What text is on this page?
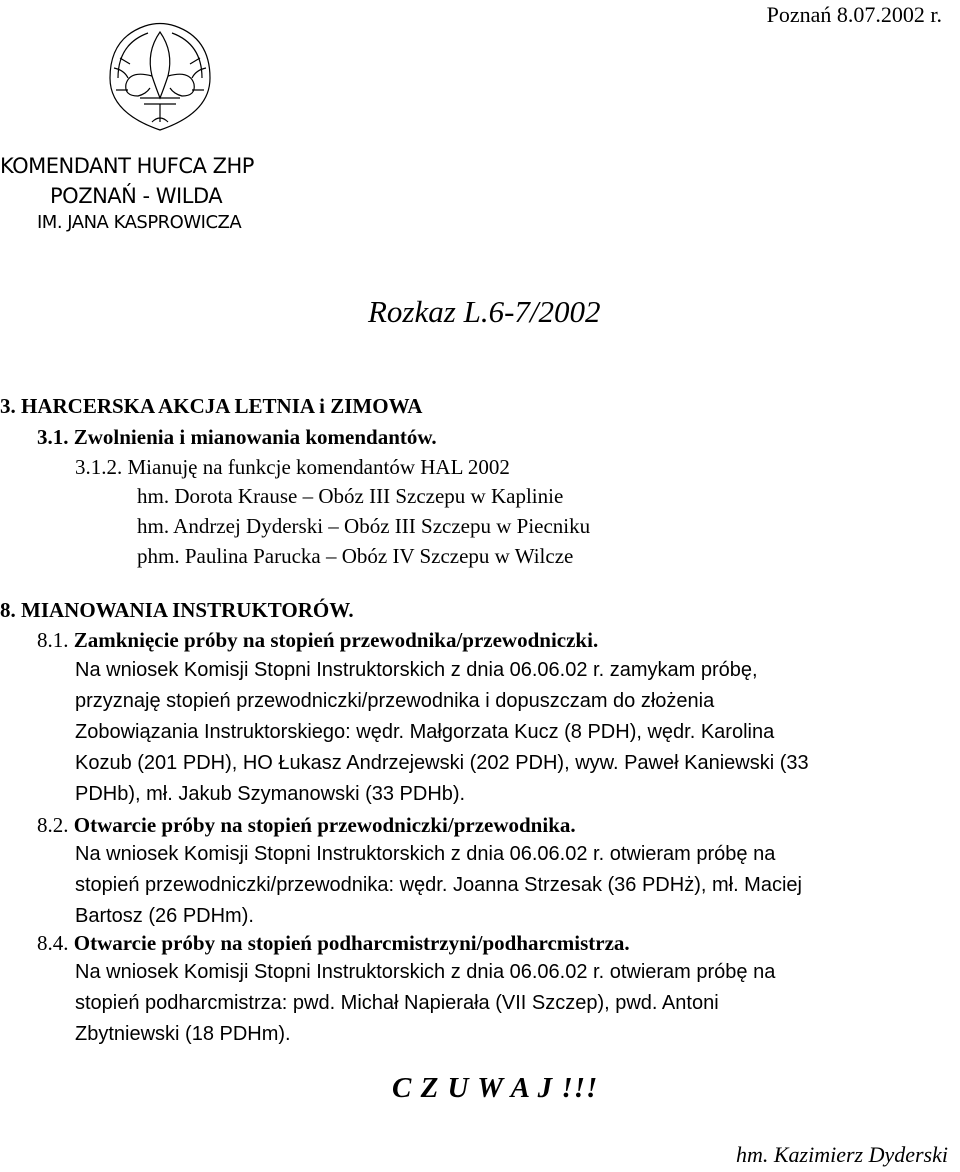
Poznań 8.07.2002 r.
KOMENDANT HUFCA ZHP
POZNAŃ - WILDA
IM. JANA KASPROWICZA
Rozkaz L.6-7/2002
3. HARCERSKA AKCJA LETNIA i ZIMOWA
3.1. Zwolnienia i mianowania komendantów.
3.1.2. Mianuję na funkcje komendantów HAL 2002
hm. Dorota Krause – Obóz III Szczepu w Kaplinie
hm. Andrzej Dyderski – Obóz III Szczepu w Piecniku
phm. Paulina Parucka – Obóz IV Szczepu w Wilcze
8. MIANOWANIA INSTRUKTORÓW.
8.1. Zamknięcie próby na stopień przewodnika/przewodniczki.
Na wniosek Komisji Stopni Instruktorskich z dnia 06.06.02 r. zamykam próbę,
przyznaję stopień przewodniczki/przewodnika i dopuszczam do złożenia
Zobowiązania Instruktorskiego: wędr. Małgorzata Kucz (8 PDH), wędr. Karolina
Kozub (201 PDH), HO Łukasz Andrzejewski (202 PDH), wyw. Paweł Kaniewski (33
PDHb), mł. Jakub Szymanowski (33 PDHb).
8.2. Otwarcie próby na stopień przewodniczki/przewodnika.
Na wniosek Komisji Stopni Instruktorskich z dnia 06.06.02 r. otwieram próbę na
stopień przewodniczki/przewodnika: wędr. Joanna Strzesak (36 PDHż), mł. Maciej
Bartosz (26 PDHm).
8.4. Otwarcie próby na stopień podharcmistrzyni/podharcmistrza.
Na wniosek Komisji Stopni Instruktorskich z dnia 06.06.02 r. otwieram próbę na
stopień podharcmistrza: pwd. Michał Napierała (VII Szczep), pwd. Antoni
Zbytniewski (18 PDHm).
C Z U W A J !!!
hm. Kazimierz Dyderski
